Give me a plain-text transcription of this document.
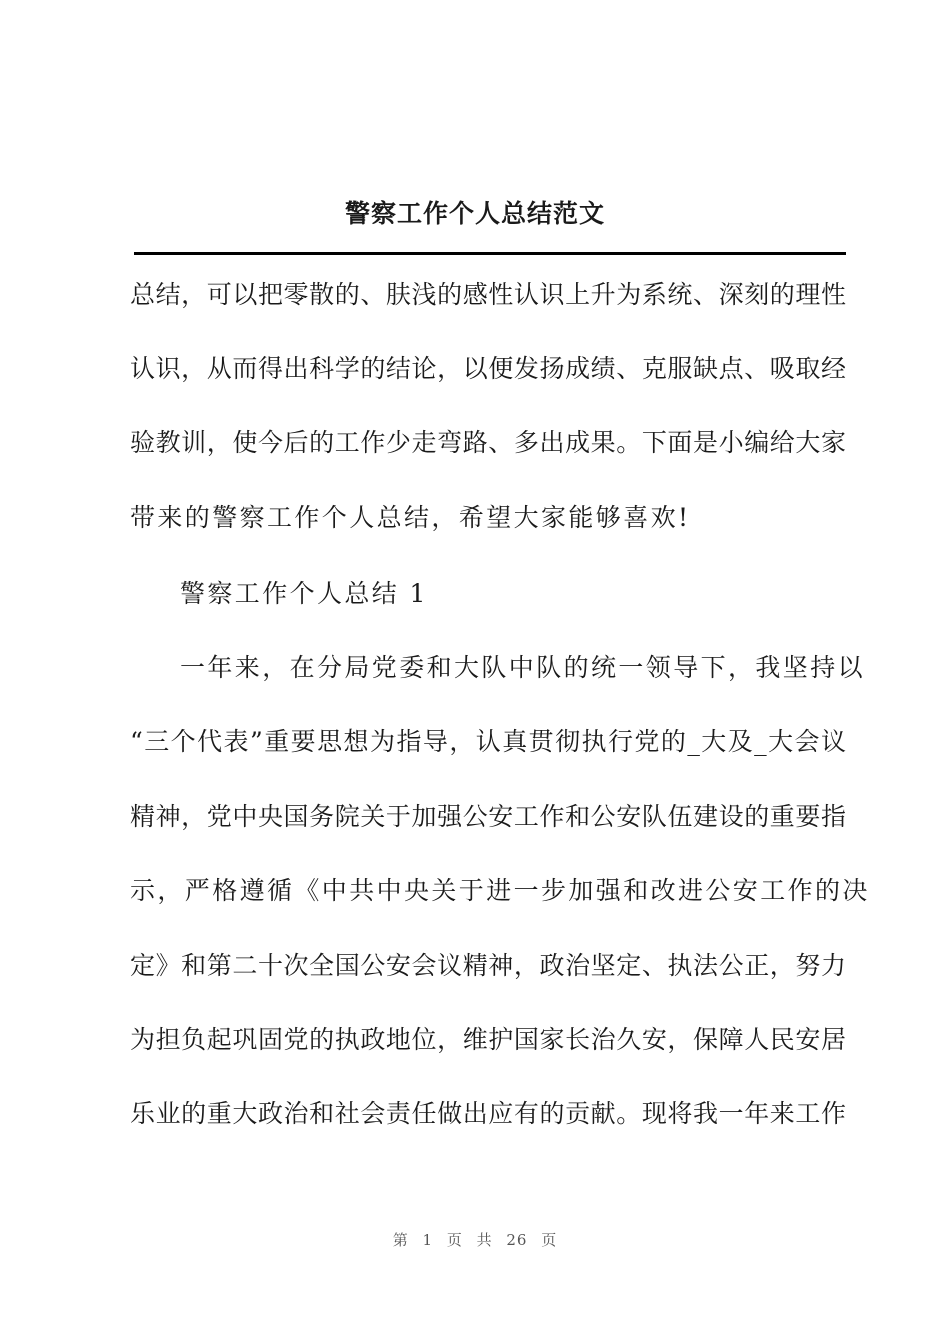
警察工作个人总结范文
总结，可以把零散的、肤浅的感性认识上升为系统、深刻的理性
认识，从而得出科学的结论，以便发扬成绩、克服缺点、吸取经
验教训，使今后的工作少走弯路、多出成果。下面是小编给大家
带来的警察工作个人总结，希望大家能够喜欢!
警察工作个人总结 1
一年来，在分局党委和大队中队的统一领导下，我坚持以
“三个代表”重要思想为指导，认真贯彻执行党的_大及_大会议
精神，党中央国务院关于加强公安工作和公安队伍建设的重要指
示，严格遵循《中共中央关于进一步加强和改进公安工作的决
定》和第二十次全国公安会议精神，政治坚定、执法公正，努力
为担负起巩固党的执政地位，维护国家长治久安，保障人民安居
乐业的重大政治和社会责任做出应有的贡献。现将我一年来工作
第 1 页 共 26 页
